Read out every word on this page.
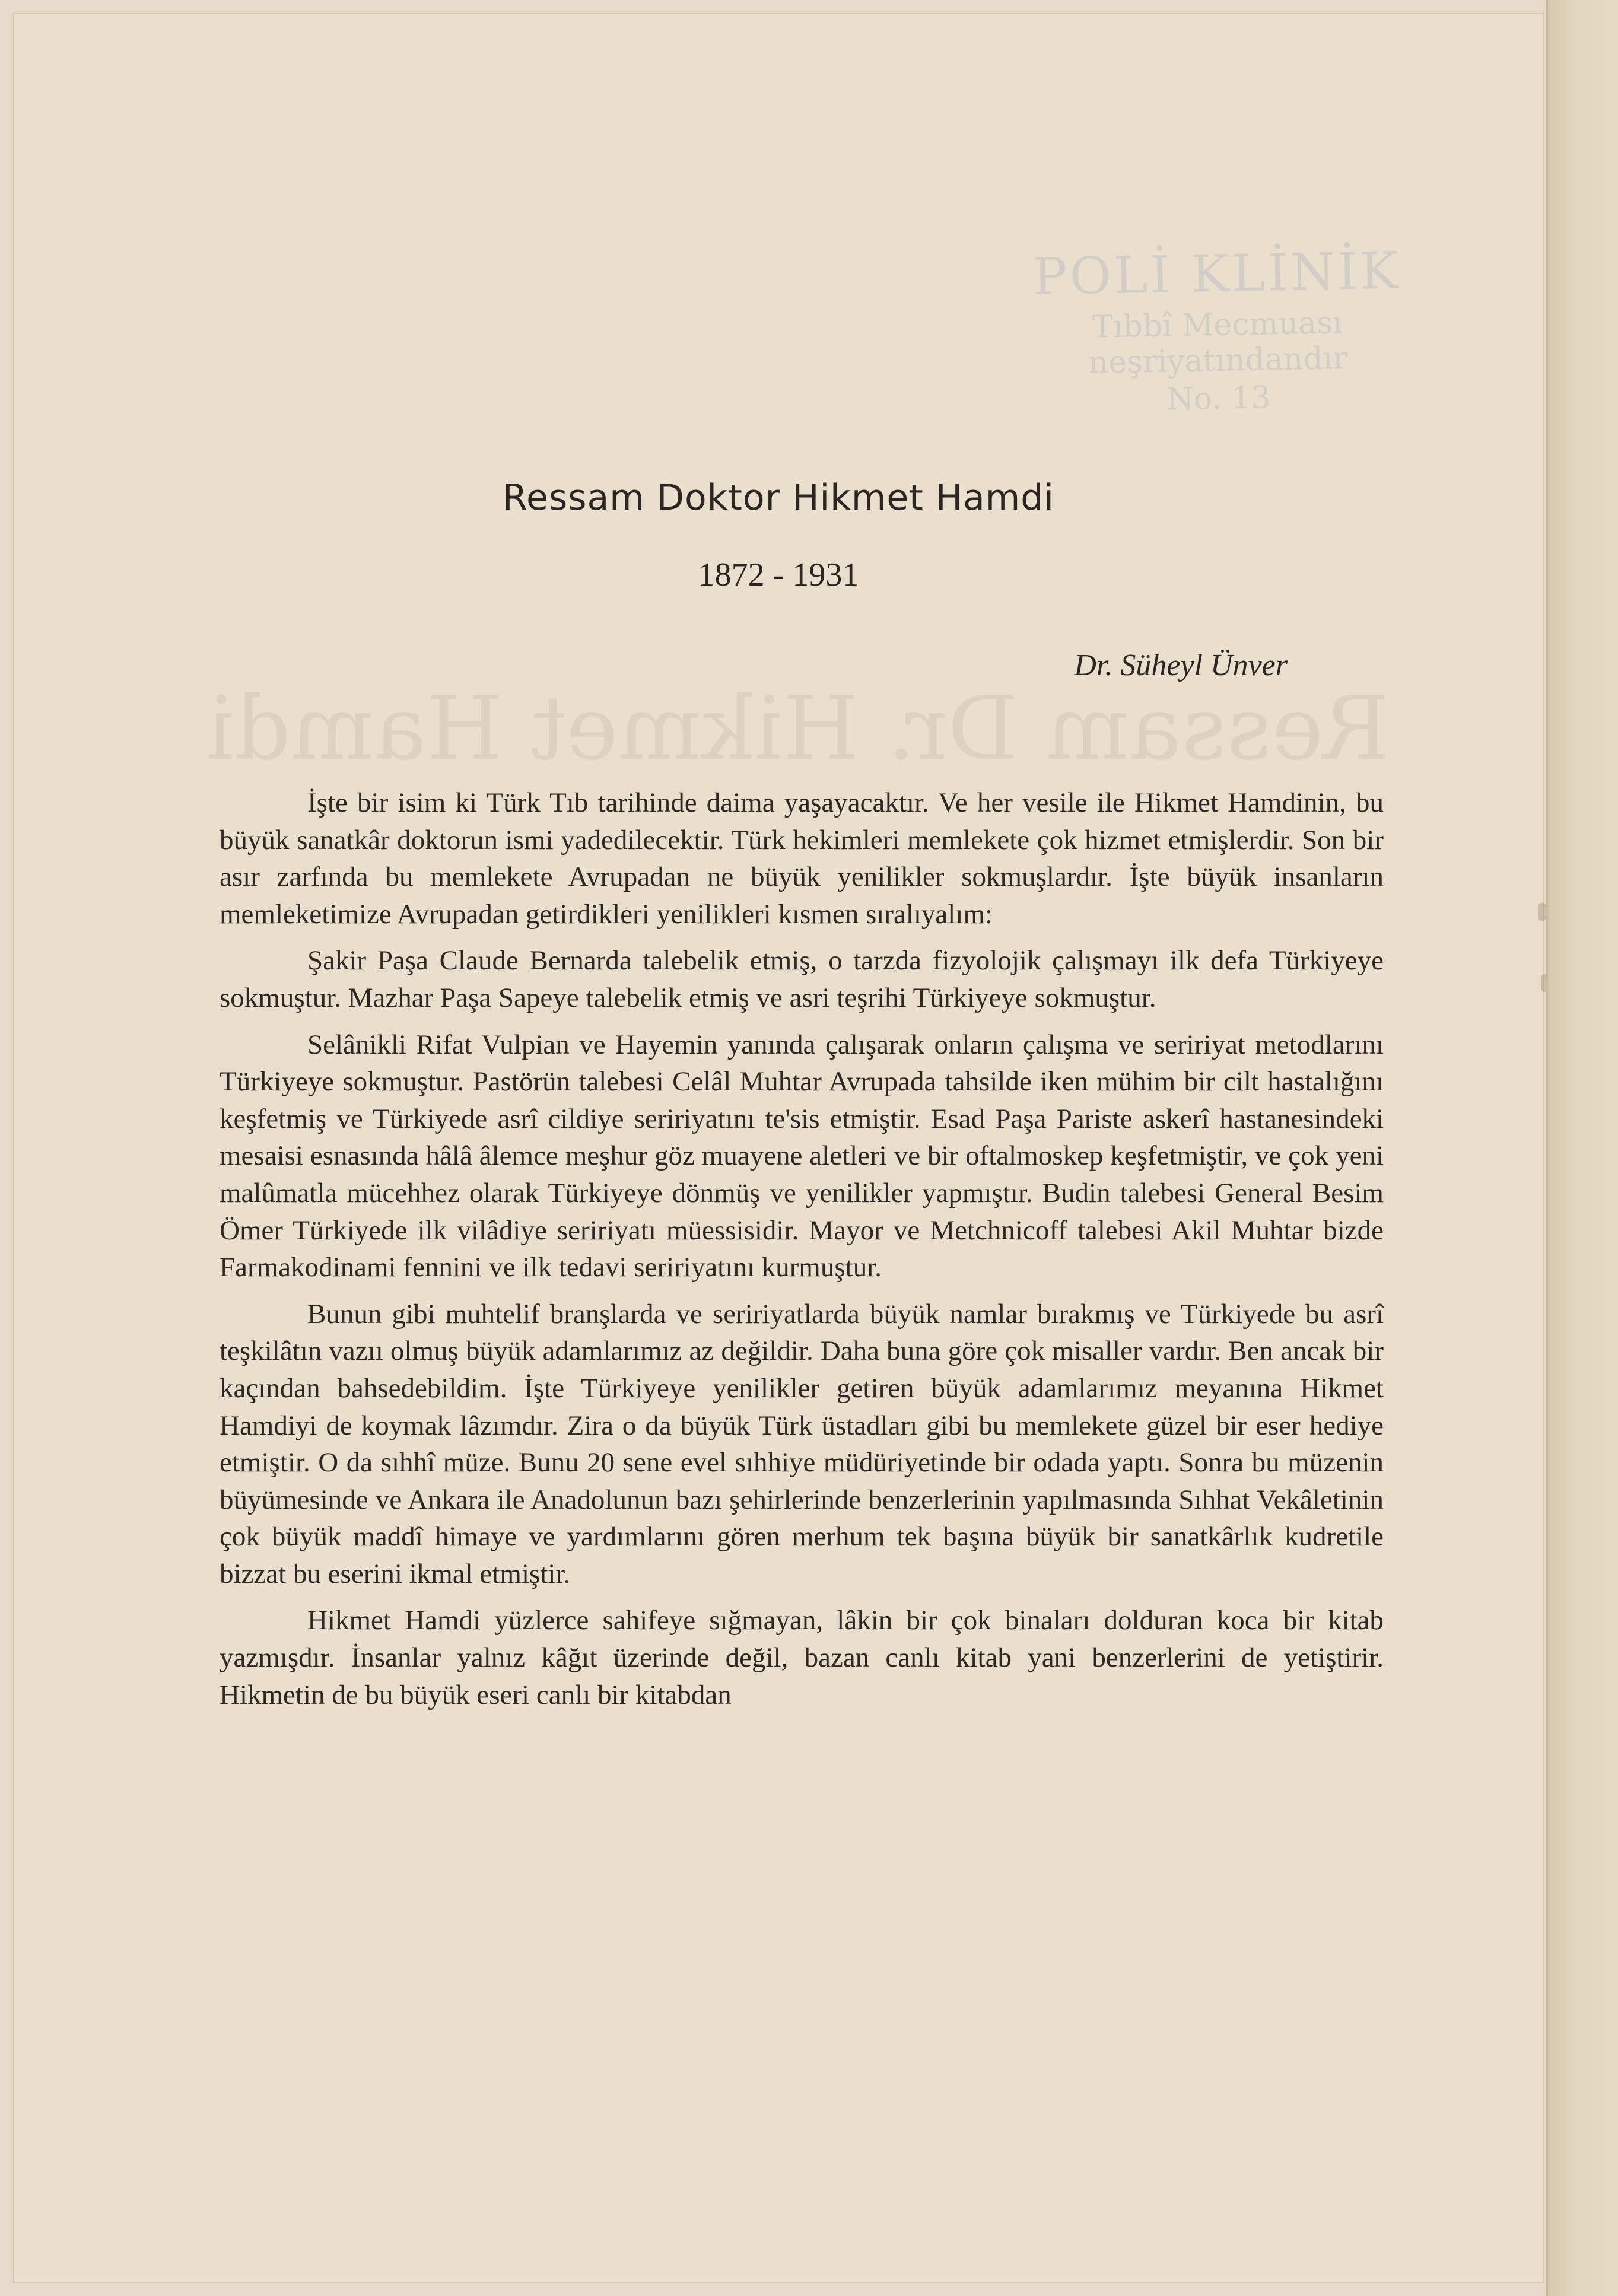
POLİ KLİNİK
Tıbbî Mecmuası neşriyatındandır
No. 13
Ressam Dr. Hikmet Hamdi
Ressam Doktor Hikmet Hamdi
1872 - 1931
Dr. Süheyl Ünver

İşte bir isim ki Türk Tıb tarihinde daima yaşayacaktır. Ve her vesile ile Hikmet Hamdinin, bu büyük sanatkâr doktorun ismi yadedilecektir. Türk hekimleri memlekete çok hizmet etmişlerdir. Son bir asır zarfında bu memlekete Avrupadan ne büyük yenilikler sokmuşlardır. İşte büyük insanların memleketimize Avrupadan getirdikleri yenilikleri kısmen sıralıyalım:

Şakir Paşa Claude Bernarda talebelik etmiş, o tarzda fizyolojik çalışmayı ilk defa Türkiyeye sokmuştur. Mazhar Paşa Sapeye talebelik etmiş ve asri teşrihi Türkiyeye sokmuştur.

Selânikli Rifat Vulpian ve Hayemin yanında çalışarak onların çalışma ve seririyat metodlarını Türkiyeye sokmuştur. Pastörün talebesi Celâl Muhtar Avrupada tahsilde iken mühim bir cilt hastalığını keşfetmiş ve Türkiyede asrî cildiye seririyatını te'sis etmiştir. Esad Paşa Pariste askerî hastanesindeki mesaisi esnasında hâlâ âlemce meşhur göz muayene aletleri ve bir oftalmoskep keşfetmiştir, ve çok yeni malûmatla mücehhez olarak Türkiyeye dönmüş ve yenilikler yapmıştır. Budin talebesi General Besim Ömer Türkiyede ilk vilâdiye seririyatı müessisidir. Mayor ve Metchnicoff talebesi Akil Muhtar bizde Farmakodinami fennini ve ilk tedavi seririyatını kurmuştur.

Bunun gibi muhtelif branşlarda ve seririyatlarda büyük namlar bırakmış ve Türkiyede bu asrî teşkilâtın vazıı olmuş büyük adamlarımız az değildir. Daha buna göre çok misaller vardır. Ben ancak bir kaçından bahsedebildim. İşte Türkiyeye yenilikler getiren büyük adamlarımız meyanına Hikmet Hamdiyi de koymak lâzımdır. Zira o da büyük Türk üstadları gibi bu memlekete güzel bir eser hediye etmiştir. O da sıhhî müze. Bunu 20 sene evel sıhhiye müdüriyetinde bir odada yaptı. Sonra bu müzenin büyümesinde ve Ankara ile Anadolunun bazı şehirlerinde benzerlerinin yapılmasında Sıhhat Vekâletinin çok büyük maddî himaye ve yardımlarını gören merhum tek başına büyük bir sanatkârlık kudretile bizzat bu eserini ikmal etmiştir.

Hikmet Hamdi yüzlerce sahifeye sığmayan, lâkin bir çok binaları dolduran koca bir kitab yazmışdır. İnsanlar yalnız kâğıt üzerinde değil, bazan canlı kitab yani benzerlerini de yetiştirir. Hikmetin de bu büyük eseri canlı bir kitabdan
